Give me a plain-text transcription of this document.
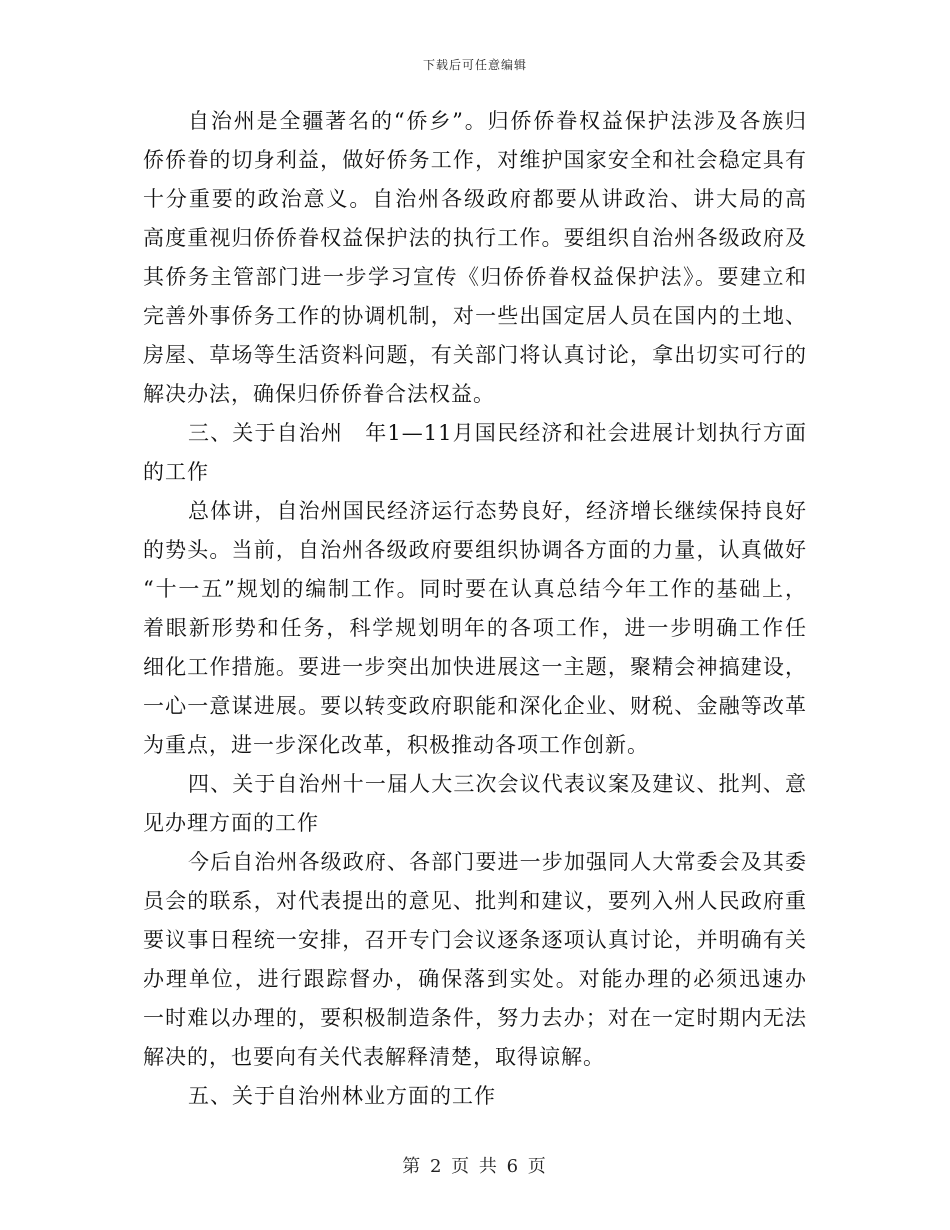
下载后可任意编辑
自治州是全疆著名的“侨乡”。归侨侨眷权益保护法涉及各族归
侨侨眷的切身利益，做好侨务工作，对维护国家安全和社会稳定具有
十分重要的政治意义。自治州各级政府都要从讲政治、讲大局的高
高度重视归侨侨眷权益保护法的执行工作。要组织自治州各级政府及
其侨务主管部门进一步学习宣传《归侨侨眷权益保护法》。要建立和
完善外事侨务工作的协调机制，对一些出国定居人员在国内的土地、
房屋、草场等生活资料问题，有关部门将认真讨论，拿出切实可行的
解决办法，确保归侨侨眷合法权益。
三、关于自治州　年1—11月国民经济和社会进展计划执行方面
的工作
总体讲，自治州国民经济运行态势良好，经济增长继续保持良好
的势头。当前，自治州各级政府要组织协调各方面的力量，认真做好
“十一五”规划的编制工作。同时要在认真总结今年工作的基础上，
着眼新形势和任务，科学规划明年的各项工作，进一步明确工作任
细化工作措施。要进一步突出加快进展这一主题，聚精会神搞建设，
一心一意谋进展。要以转变政府职能和深化企业、财税、金融等改革
为重点，进一步深化改革，积极推动各项工作创新。
四、关于自治州十一届人大三次会议代表议案及建议、批判、意
见办理方面的工作
今后自治州各级政府、各部门要进一步加强同人大常委会及其委
员会的联系，对代表提出的意见、批判和建议，要列入州人民政府重
要议事日程统一安排，召开专门会议逐条逐项认真讨论，并明确有关
办理单位，进行跟踪督办，确保落到实处。对能办理的必须迅速办
一时难以办理的，要积极制造条件，努力去办；对在一定时期内无法
解决的，也要向有关代表解释清楚，取得谅解。
五、关于自治州林业方面的工作
第 2 页 共 6 页
